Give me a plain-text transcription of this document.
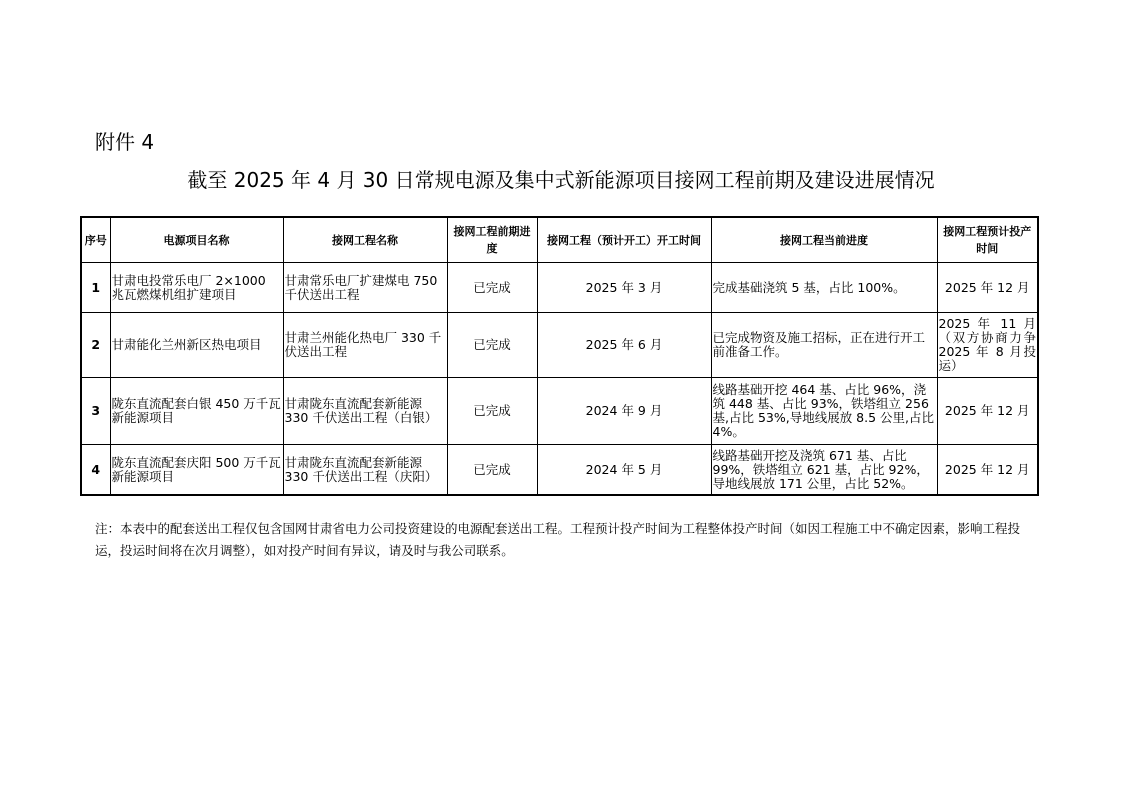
附件 4
截至 2025 年 4 月 30 日常规电源及集中式新能源项目接网工程前期及建设进展情况
序号	电源项目名称	接网工程名称	接网工程前期进度	接网工程（预计开工）开工时间	接网工程当前进度	接网工程预计投产时间
1	甘肃电投常乐电厂 2×1000 兆瓦燃煤机组扩建项目	甘肃常乐电厂扩建煤电 750 千伏送出工程	已完成	2025 年 3 月	完成基础浇筑 5 基，占比 100%。	2025 年 12 月
2	甘肃能化兰州新区热电项目	甘肃兰州能化热电厂 330 千伏送出工程	已完成	2025 年 6 月	已完成物资及施工招标，正在进行开工前准备工作。	2025 年 11 月（双方协商力争 2025 年 8 月投运）
3	陇东直流配套白银 450 万千瓦新能源项目	甘肃陇东直流配套新能源 330 千伏送出工程（白银）	已完成	2024 年 9 月	线路基础开挖 464 基、占比 96%，浇筑 448 基、占比 93%，铁塔组立 256 基,占比 53%,导地线展放 8.5 公里,占比 4%。	2025 年 12 月
4	陇东直流配套庆阳 500 万千瓦新能源项目	甘肃陇东直流配套新能源 330 千伏送出工程（庆阳）	已完成	2024 年 5 月	线路基础开挖及浇筑 671 基、占比 99%，铁塔组立 621 基，占比 92%，导地线展放 171 公里，占比 52%。	2025 年 12 月
注：本表中的配套送出工程仅包含国网甘肃省电力公司投资建设的电源配套送出工程。工程预计投产时间为工程整体投产时间（如因工程施工中不确定因素，影响工程投运，投运时间将在次月调整），如对投产时间有异议，请及时与我公司联系。
